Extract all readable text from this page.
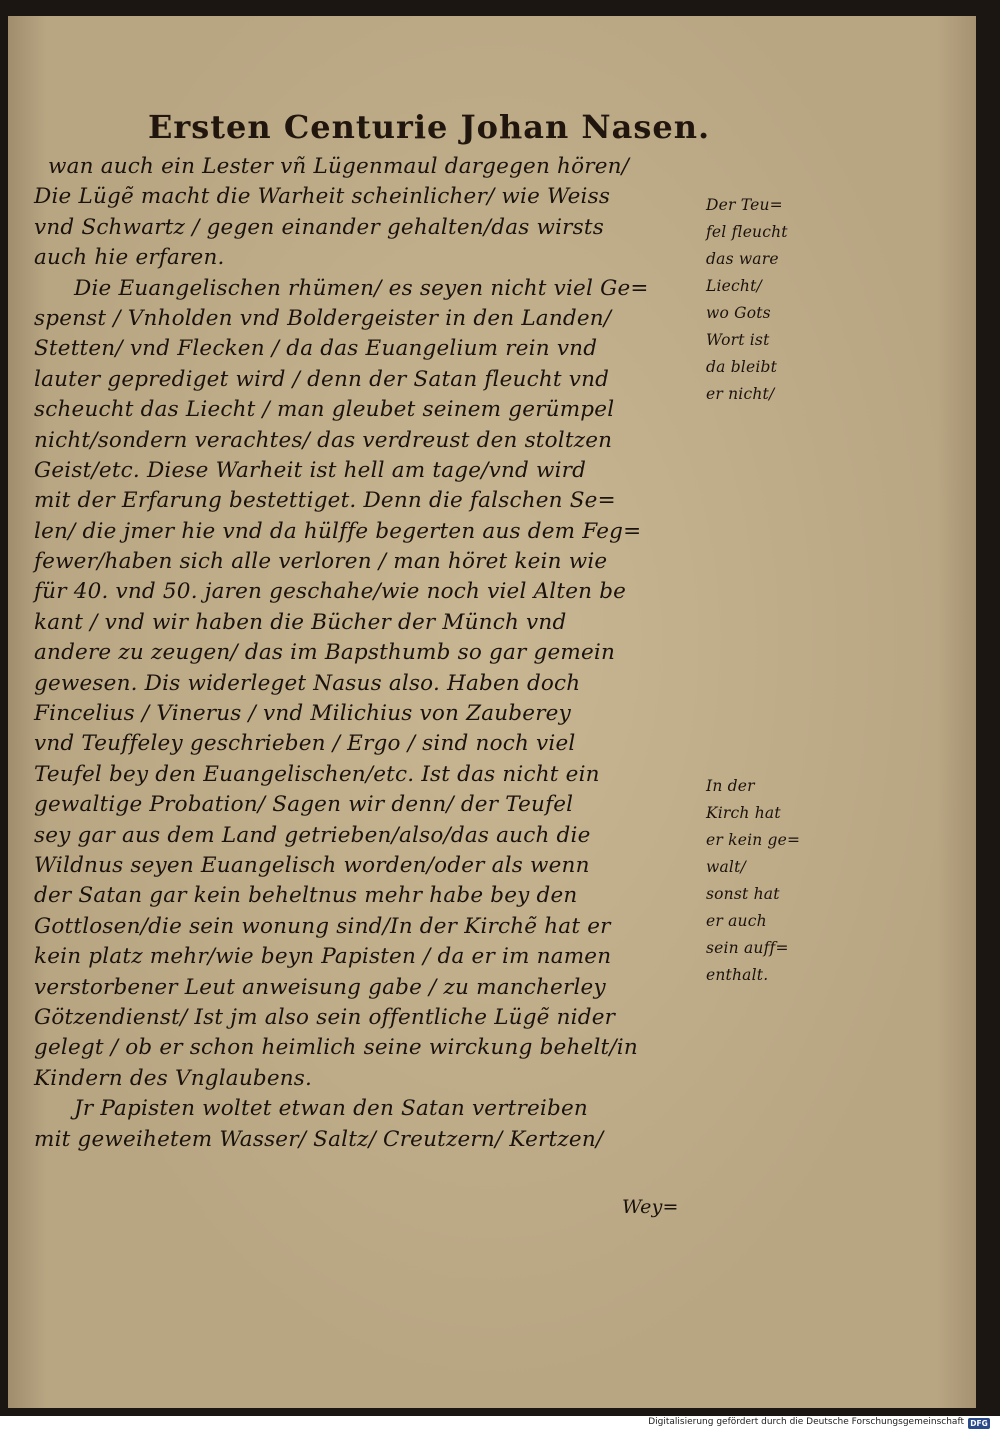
Ersten Centurie Johan Nasen.
wan auch ein Lester vñ Lügenmaul dargegen hören/
Die Lügẽ macht die Warheit scheinlicher/ wie Weiss
vnd Schwartz / gegen einander gehalten/das wirsts
auch hie erfaren.
Die Euangelischen rhümen/ es seyen nicht viel Ge=
spenst / Vnholden vnd Boldergeister in den Landen/
Stetten/ vnd Flecken / da das Euangelium rein vnd
lauter geprediget wird / denn der Satan fleucht vnd
scheucht das Liecht / man gleubet seinem gerümpel
nicht/sondern verachtes/ das verdreust den stoltzen
Geist/etc. Diese Warheit ist hell am tage/vnd wird
mit der Erfarung bestettiget. Denn die falschen Se=
len/ die jmer hie vnd da hülffe begerten aus dem Feg=
fewer/haben sich alle verloren / man höret kein wie
für 40. vnd 50. jaren geschahe/wie noch viel Alten be
kant / vnd wir haben die Bücher der Münch vnd
andere zu zeugen/ das im Bapsthumb so gar gemein
gewesen. Dis widerleget Nasus also. Haben doch
Fincelius / Vinerus / vnd Milichius von Zauberey
vnd Teuffeley geschrieben / Ergo / sind noch viel
Teufel bey den Euangelischen/etc. Ist das nicht ein
gewaltige Probation/ Sagen wir denn/ der Teufel
sey gar aus dem Land getrieben/also/das auch die
Wildnus seyen Euangelisch worden/oder als wenn
der Satan gar kein beheltnus mehr habe bey den
Gottlosen/die sein wonung sind/In der Kirchẽ hat er
kein platz mehr/wie beyn Papisten / da er im namen
verstorbener Leut anweisung gabe / zu mancherley
Götzendienst/ Ist jm also sein offentliche Lügẽ nider
gelegt / ob er schon heimlich seine wirckung behelt/in
Kindern des Vnglaubens.
Jr Papisten woltet etwan den Satan vertreiben
mit geweihetem Wasser/ Saltz/ Creutzern/ Kertzen/
Der Teu=
fel fleucht
das ware
Liecht/
wo Gots
Wort ist
da bleibt
er nicht/
In der
Kirch hat
er kein ge=
walt/
sonst hat
er auch
sein auff=
enthalt.
Wey=
Digitalisierung gefördert durch die Deutsche Forschungsgemeinschaft DFG
